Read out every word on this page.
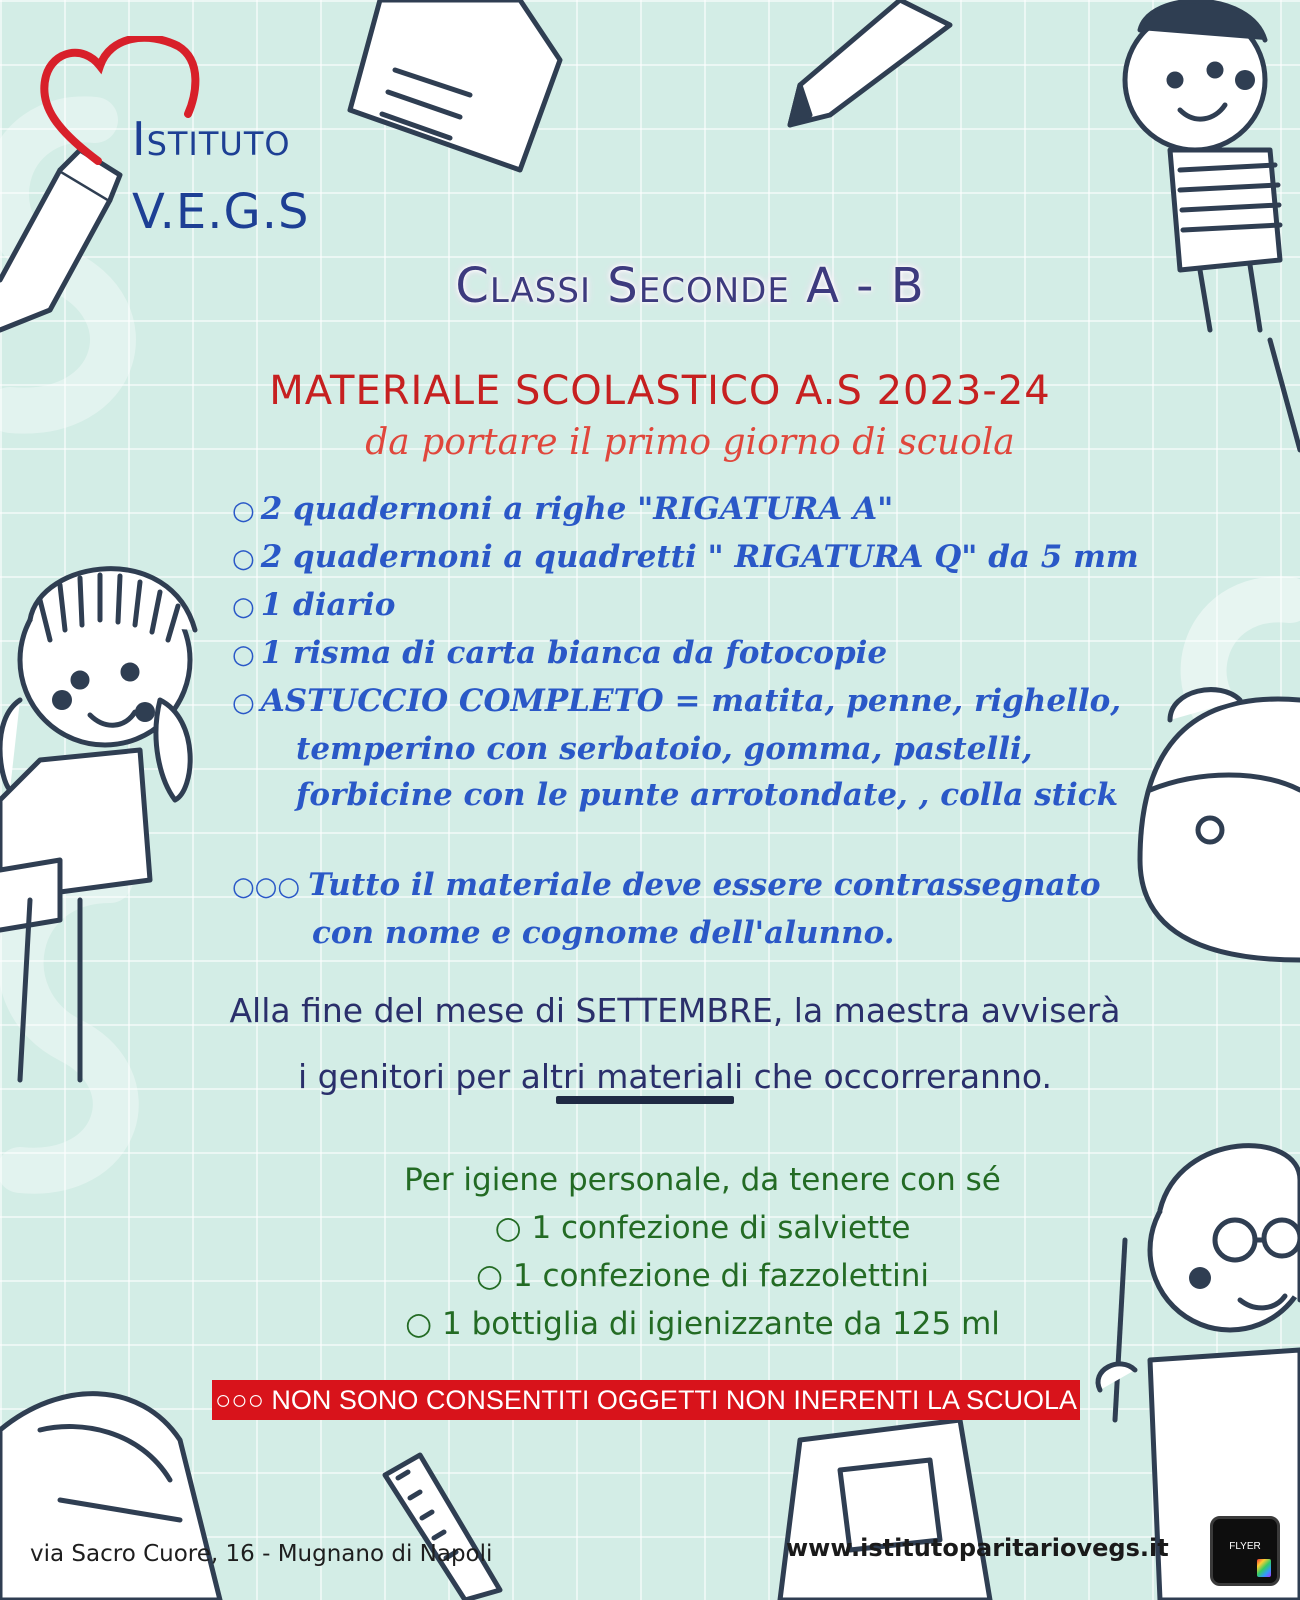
Istituto
V.E.G.S
Classi Seconde A - B
MATERIALE SCOLASTICO A.S 2023-24
da portare il primo giorno di scuola
○ 2 quadernoni a righe "RIGATURA A"
○ 2 quadernoni a quadretti " RIGATURA Q" da 5 mm
○ 1 diario
○ 1 risma di carta bianca da fotocopie
○ ASTUCCIO COMPLETO = matita, penne, righello,
temperino con serbatoio, gomma, pastelli,
forbicine con le punte arrotondate, , colla stick
○○○ Tutto il materiale deve essere contrassegnato
con nome e cognome dell'alunno.
Alla fine del mese di SETTEMBRE, la maestra avviserà
i genitori per altri materiali che occorreranno.
Per igiene personale, da tenere con sé
○ 1 confezione di salviette
○ 1 confezione di fazzolettini
○ 1 bottiglia di igienizzante da 125 ml
○○○ NON SONO CONSENTITI OGGETTI NON INERENTI LA SCUOLA
via Sacro Cuore, 16 - Mugnano di Napoli	www.istitutoparitariovegs.it	FLYER
